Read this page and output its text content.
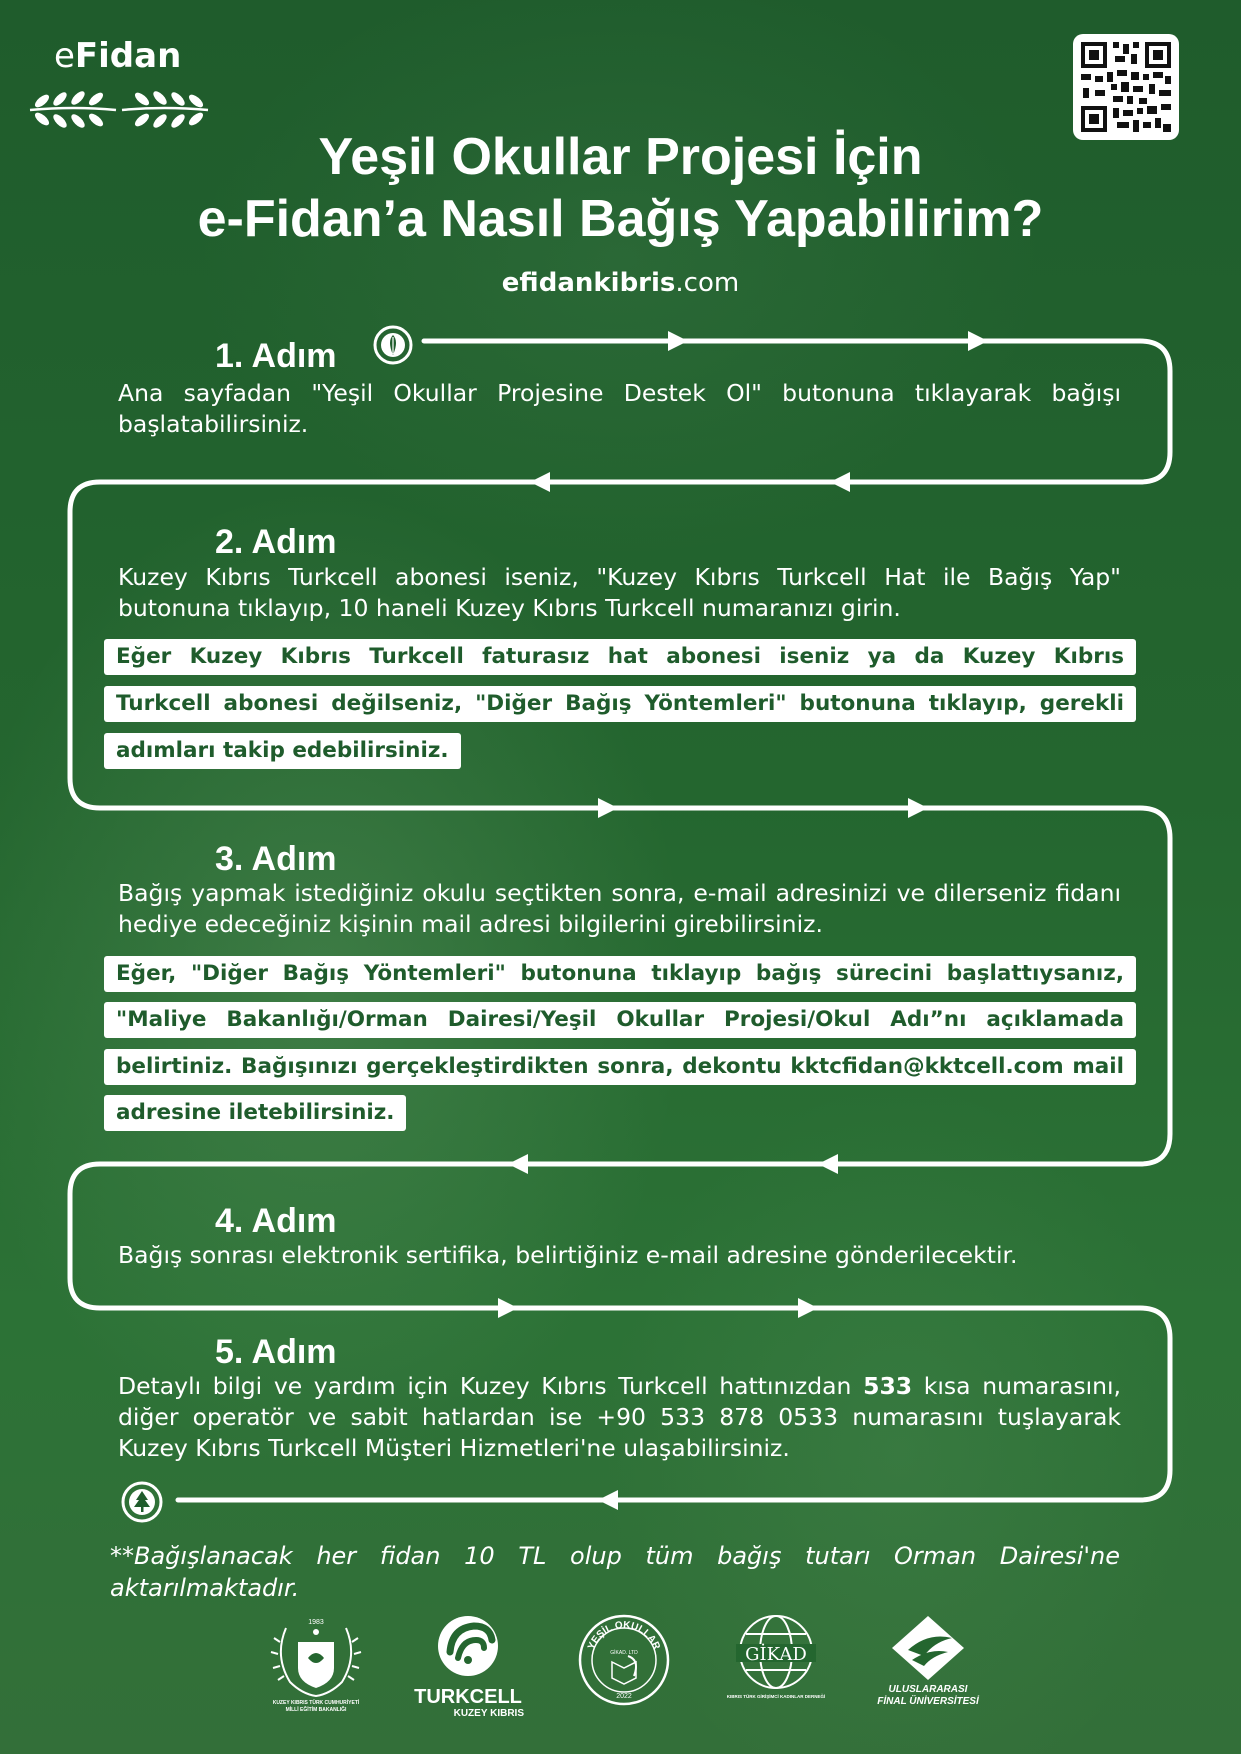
eFidan
Yeşil Okullar Projesi İçin
e-Fidan’a Nasıl Bağış Yapabilirim?
efidankibris.com
1. Adım
Ana sayfadan "Yeşil Okullar Projesine Destek Ol" butonuna tıklayarak bağışı başlatabilirsiniz.
2. Adım
Kuzey Kıbrıs Turkcell abonesi iseniz, "Kuzey Kıbrıs Turkcell Hat ile Bağış Yap" butonuna tıklayıp, 10 haneli Kuzey Kıbrıs Turkcell numaranızı girin.
Eğer Kuzey Kıbrıs Turkcell faturasız hat abonesi iseniz ya da Kuzey Kıbrıs
Turkcell abonesi değilseniz, "Diğer Bağış Yöntemleri" butonuna tıklayıp, gerekli
adımları takip edebilirsiniz.
3. Adım
Bağış yapmak istediğiniz okulu seçtikten sonra, e-mail adresinizi ve dilerseniz fidanı hediye edeceğiniz kişinin mail adresi bilgilerini girebilirsiniz.
Eğer, "Diğer Bağış Yöntemleri" butonuna tıklayıp bağış sürecini başlattıysanız,
"Maliye Bakanlığı/Orman Dairesi/Yeşil Okullar Projesi/Okul Adı”nı açıklamada
belirtiniz. Bağışınızı gerçekleştirdikten sonra, dekontu kktcfidan@kktcell.com mail
adresine iletebilirsiniz.
4. Adım
Bağış sonrası elektronik sertifika, belirtiğiniz e-mail adresine gönderilecektir.
5. Adım
Detaylı bilgi ve yardım için Kuzey Kıbrıs Turkcell hattınızdan 533 kısa numarasını, diğer operatör ve sabit hatlardan ise +90 533 878 0533 numarasını tuşlayarak Kuzey Kıbrıs Turkcell Müşteri Hizmetleri'ne ulaşabilirsiniz.
**Bağışlanacak her fidan 10 TL olup tüm bağış tutarı Orman Dairesi'ne aktarılmaktadır.
1983
KUZEY KIBRIS TÜRK CUMHURİYETİ MİLLİ EĞİTİM BAKANLIĞI
TURKCELL
KUZEY KIBRIS
YEŞİL OKULLAR
GİKAD. LTD
2022
GİKAD
KIBRIS TÜRK GİRİŞİMCİ KADINLAR DERNEĞİ
ULUSLARARASI
FİNAL ÜNİVERSİTESİ
